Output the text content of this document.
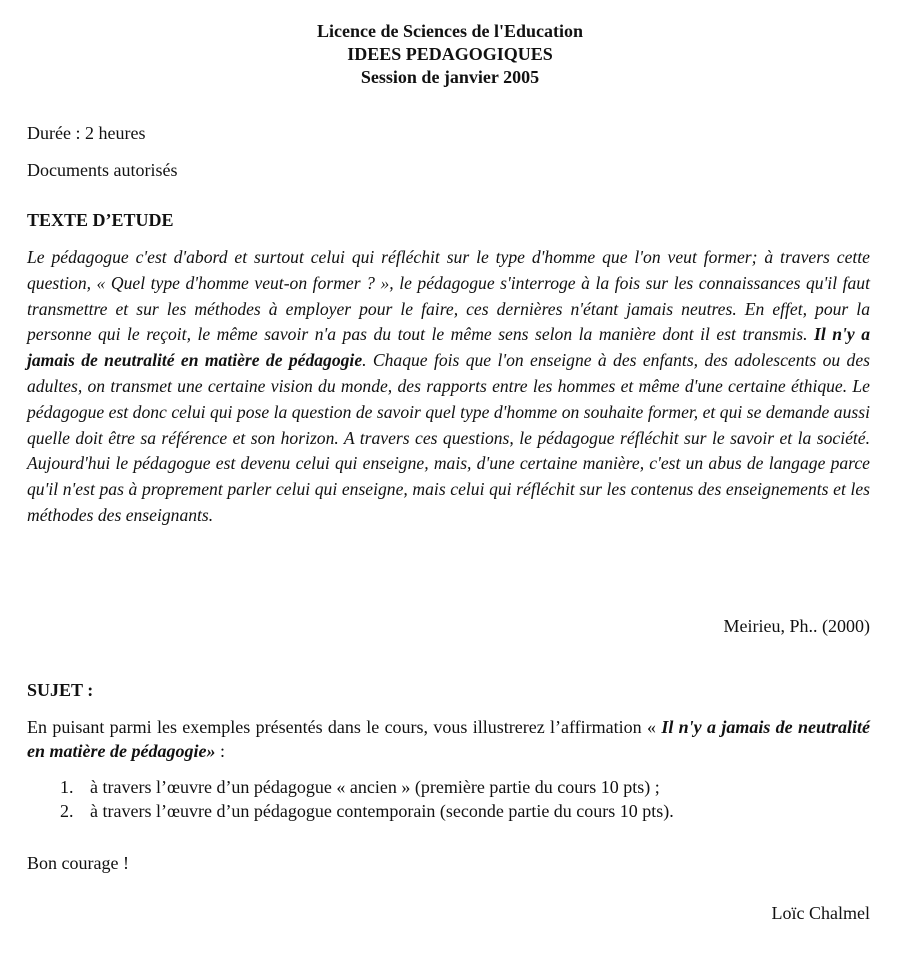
Licence de Sciences de l'Education
IDEES PEDAGOGIQUES
Session de janvier 2005
Durée : 2 heures
Documents autorisés
TEXTE D’ETUDE
Le pédagogue c'est d'abord et surtout celui qui réfléchit sur le type d'homme que l'on veut former; à travers cette question, « Quel type d'homme veut-on former ? », le pédagogue s'interroge à la fois sur les connaissances qu'il faut transmettre et sur les méthodes à employer pour le faire, ces dernières n'étant jamais neutres. En effet, pour la personne qui le reçoit, le même savoir n'a pas du tout le même sens selon la manière dont il est transmis. Il n'y a jamais de neutralité en matière de pédagogie. Chaque fois que l'on enseigne à des enfants, des adolescents ou des adultes, on transmet une certaine vision du monde, des rapports entre les hommes et même d'une certaine éthique. Le pédagogue est donc celui qui pose la question de savoir quel type d'homme on souhaite former, et qui se demande aussi quelle doit être sa référence et son horizon. A travers ces questions, le pédagogue réfléchit sur le savoir et la société. Aujourd'hui le pédagogue est devenu celui qui enseigne, mais, d'une certaine manière, c'est un abus de langage parce qu'il n'est pas à proprement parler celui qui enseigne, mais celui qui réfléchit sur les contenus des enseignements et les méthodes des enseignants.
Meirieu, Ph.. (2000)
SUJET :
En puisant parmi les exemples présentés dans le cours, vous illustrerez l’affirmation « Il n'y a jamais de neutralité en matière de pédagogie» :
1. à travers l’œuvre d’un pédagogue « ancien » (première partie du cours 10 pts) ;
2. à travers l’œuvre d’un pédagogue contemporain (seconde partie du cours 10 pts).
Bon courage !
Loïc Chalmel
